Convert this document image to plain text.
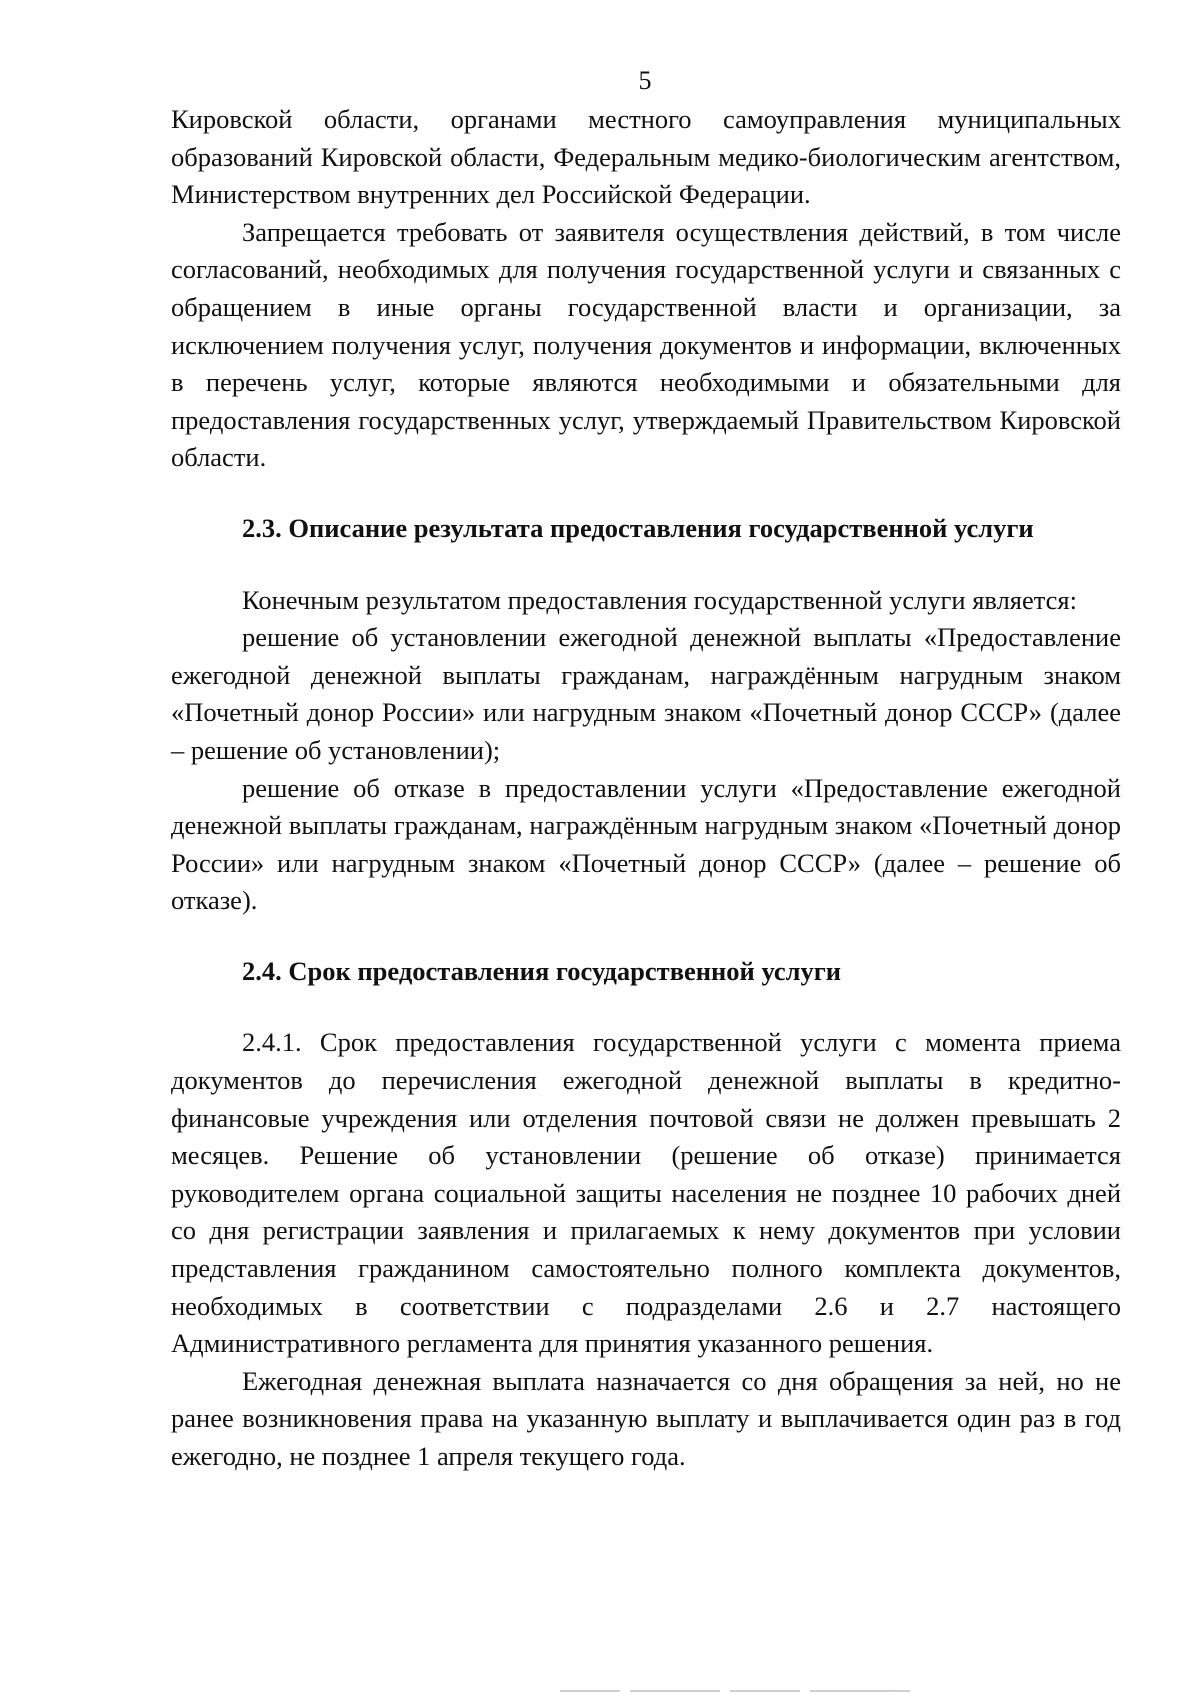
5

Кировской области, органами местного самоуправления муниципальных образований Кировской области, Федеральным медико-биологическим агентством, Министерством внутренних дел Российской Федерации.

Запрещается требовать от заявителя осуществления действий, в том числе согласований, необходимых для получения государственной услуги и связанных с обращением в иные органы государственной власти и организации, за исключением получения услуг, получения документов и информации, включенных в перечень услуг, которые являются необходимыми и обязательными для предоставления государственных услуг, утверждаемый Правительством Кировской области.

2.3. Описание результата предоставления государственной услуги

Конечным результатом предоставления государственной услуги является:

решение об установлении ежегодной денежной выплаты «Предоставление ежегодной денежной выплаты гражданам, награждённым нагрудным знаком «Почетный донор России» или нагрудным знаком «Почетный донор СССР» (далее – решение об установлении);

решение об отказе в предоставлении услуги «Предоставление ежегодной денежной выплаты гражданам, награждённым нагрудным знаком «Почетный донор России» или нагрудным знаком «Почетный донор СССР» (далее – решение об отказе).

2.4. Срок предоставления государственной услуги

2.4.1. Срок предоставления государственной услуги с момента приема документов до перечисления ежегодной денежной выплаты в кредитно-финансовые учреждения или отделения почтовой связи не должен превышать 2 месяцев. Решение об установлении (решение об отказе) принимается руководителем органа социальной защиты населения не позднее 10 рабочих дней со дня регистрации заявления и прилагаемых к нему документов при условии представления гражданином самостоятельно полного комплекта документов, необходимых в соответствии с подразделами 2.6 и 2.7 настоящего Административного регламента для принятия указанного решения.

Ежегодная денежная выплата назначается со дня обращения за ней, но не ранее возникновения права на указанную выплату и выплачивается один раз в год ежегодно, не позднее 1 апреля текущего года.
